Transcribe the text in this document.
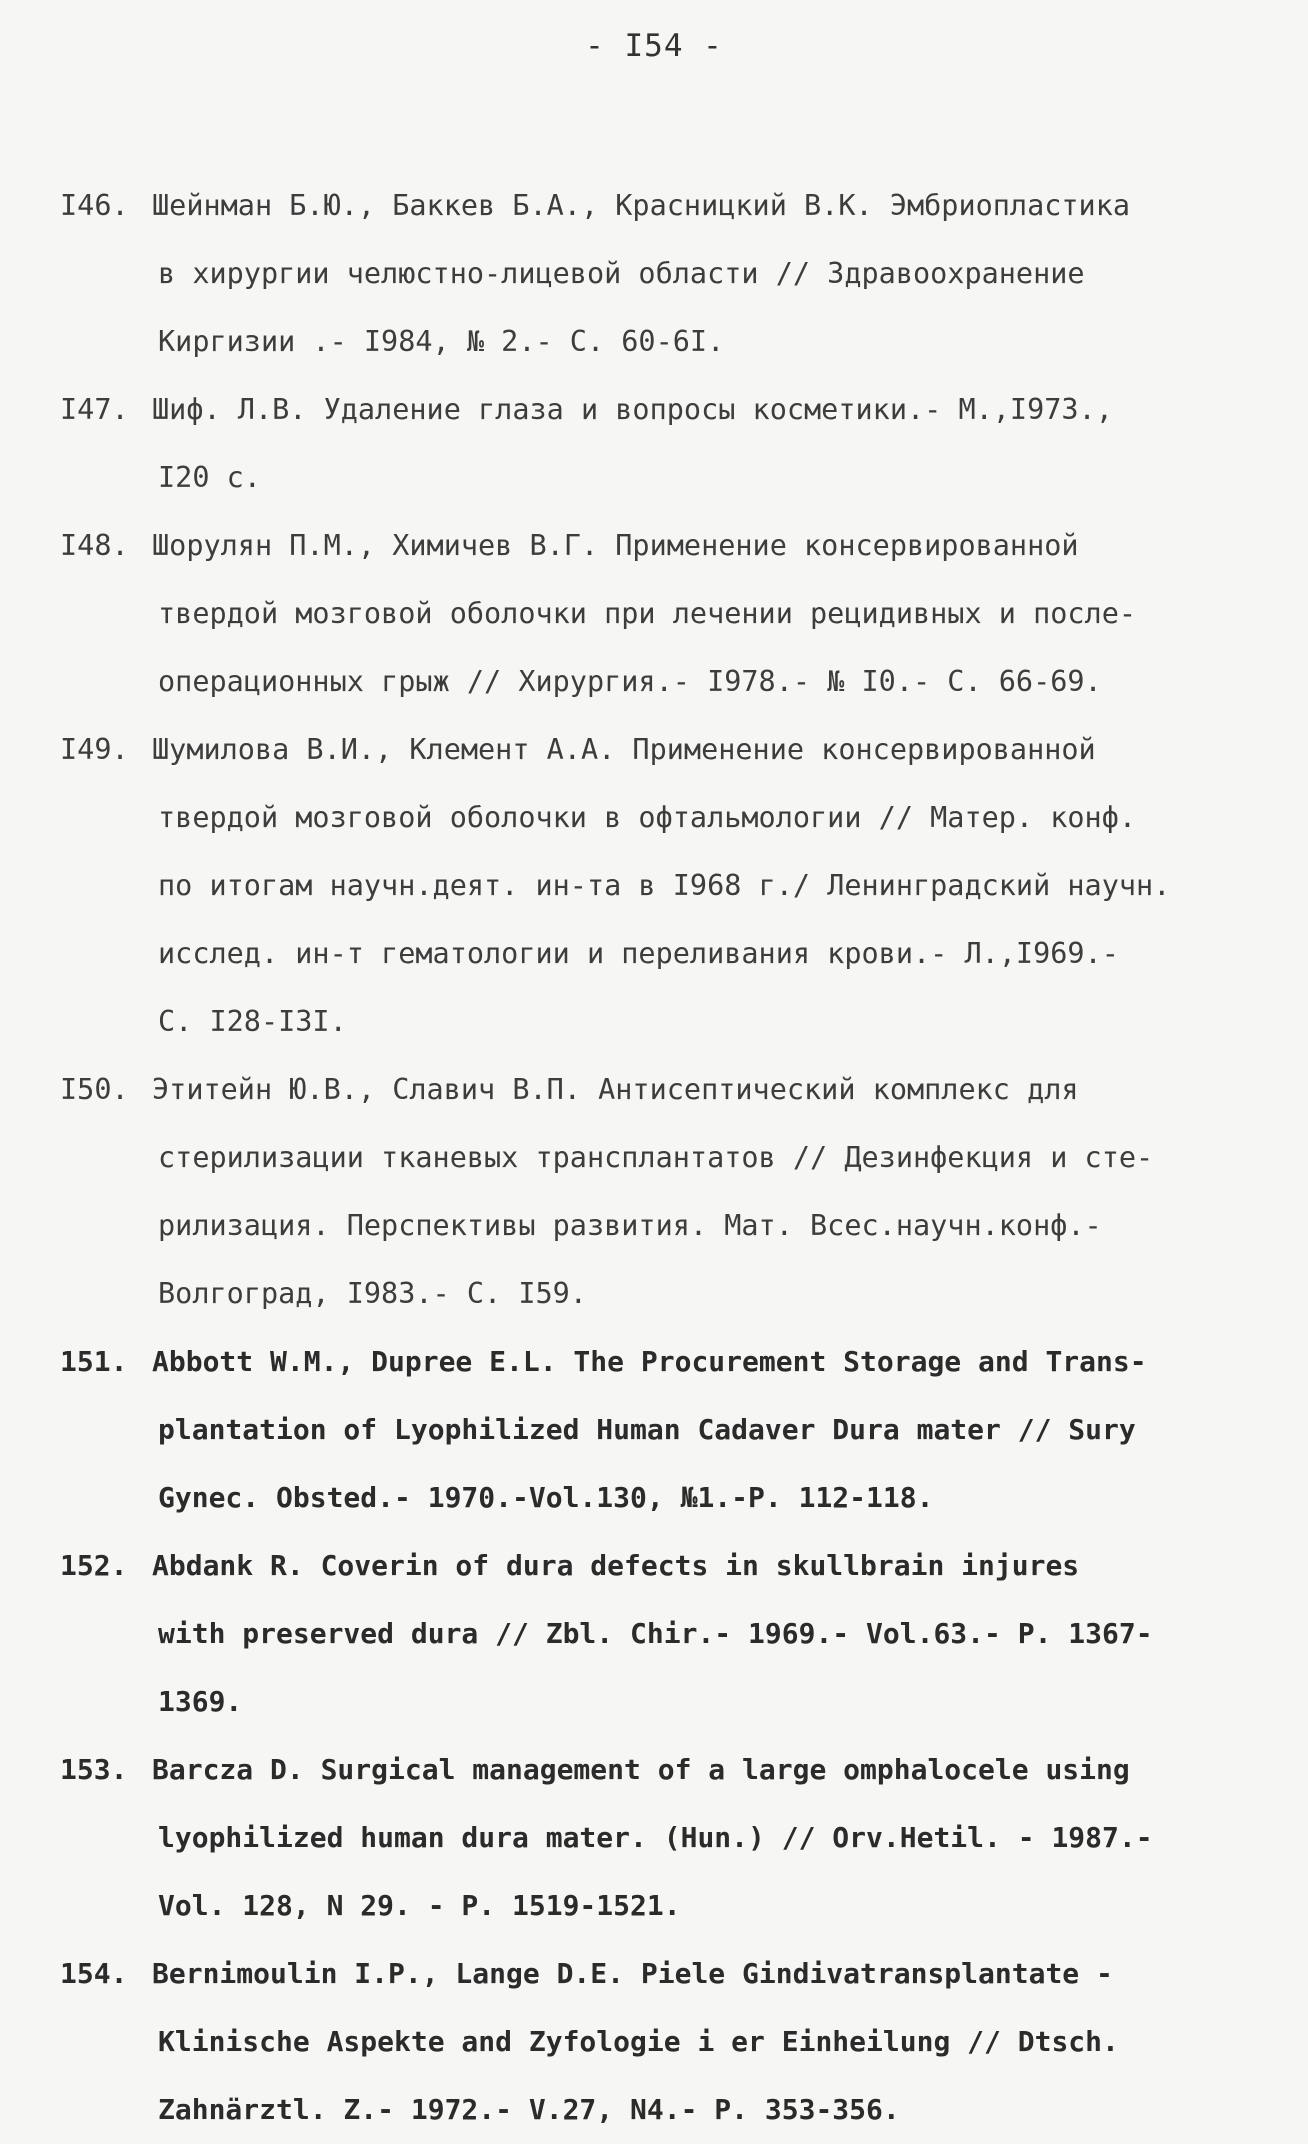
- I54 -
I46. Шейнман Б.Ю., Баккев Б.А., Красницкий В.К. Эмбриопластика
в хирургии челюстно-лицевой области // Здравоохранение
Киргизии .- I984, № 2.- С. 60-6I.
I47. Шиф. Л.В. Удаление глаза и вопросы косметики.- М.,I973.,
I20 с.
I48. Шорулян П.М., Химичев В.Г. Применение консервированной
твердой мозговой оболочки при лечении рецидивных и после-
операционных грыж // Хирургия.- I978.- № I0.- С. 66-69.
I49. Шумилова В.И., Клемент А.А. Применение консервированной
твердой мозговой оболочки в офтальмологии // Матер. конф.
по итогам научн.деят. ин-та в I968 г./ Ленинградский научн.
исслед. ин-т гематологии и переливания крови.- Л.,I969.-
С. I28-I3I.
I50. Этитейн Ю.В., Славич В.П. Антисептический комплекс для
стерилизации тканевых трансплантатов // Дезинфекция и сте-
рилизация. Перспективы развития. Мат. Всес.научн.конф.-
Волгоград, I983.- С. I59.
151. Abbott W.M., Dupree E.L. The Procurement Storage and Trans-
plantation of Lyophilized Human Cadaver Dura mater // Sury
Gynec. Obsted.- 1970.-Vol.130, №1.-P. 112-118.
152. Abdank R. Coverin of dura defects in skullbrain injures
with preserved dura // Zbl. Chir.- 1969.- Vol.63.- P. 1367-
1369.
153. Barcza D. Surgical management of a large omphalocele using
lyophilized human dura mater. (Hun.) // Orv.Hetil. - 1987.-
Vol. 128, N 29. - P. 1519-1521.
154. Bernimoulin I.P., Lange D.E. Piele Gindivatransplantate -
Klinische Aspekte and Zyfologie i er Einheilung // Dtsch.
Zahnärztl. Z.- 1972.- V.27, N4.- P. 353-356.
